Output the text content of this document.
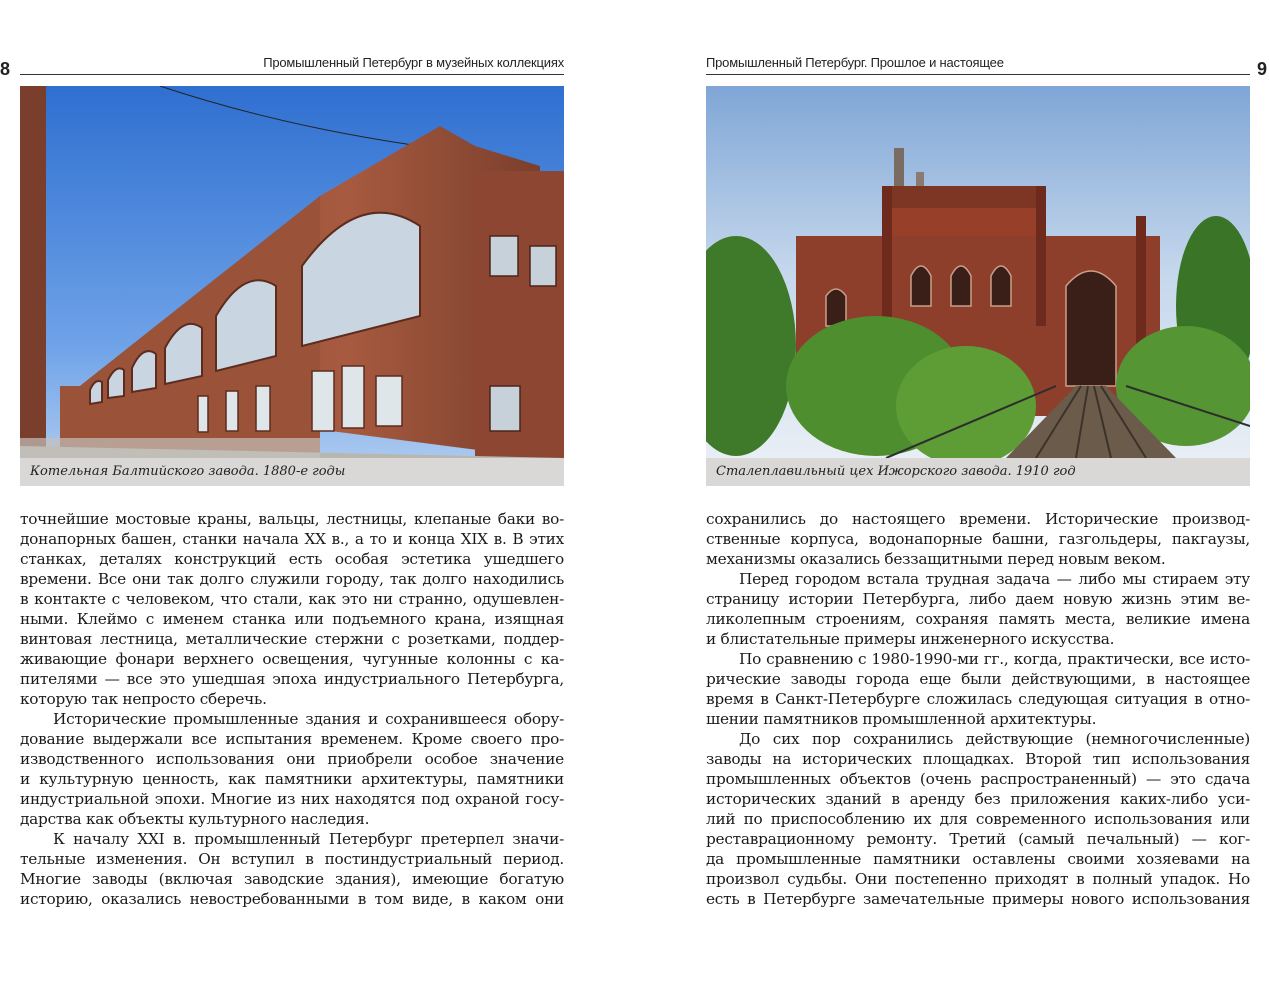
8	Промышленный Петербург в музейных коллекциях
Котельная Балтийского завода. 1880-е годы
точнейшие мостовые краны, вальцы, лестницы, клепаные баки во-
донапорных башен, станки начала XX в., а то и конца XIX в. В этих
станках, деталях конструкций есть особая эстетика ушедшего
времени. Все они так долго служили городу, так долго находились
в контакте с человеком, что стали, как это ни странно, одушевлен-
ными. Клеймо с именем станка или подъемного крана, изящная
винтовая лестница, металлические стержни с розетками, поддер-
живающие фонари верхнего освещения, чугунные колонны с ка-
пителями — все это ушедшая эпоха индустриального Петербурга,
которую так непросто сберечь.
Исторические промышленные здания и сохранившееся обору-
дование выдержали все испытания временем. Кроме своего про-
изводственного использования они приобрели особое значение
и культурную ценность, как памятники архитектуры, памятники
индустриальной эпохи. Многие из них находятся под охраной госу-
дарства как объекты культурного наследия.
К началу XXI в. промышленный Петербург претерпел значи-
тельные изменения. Он вступил в постиндустриальный период.
Многие заводы (включая заводские здания), имеющие богатую
историю, оказались невостребованными в том виде, в каком они
9
Промышленный Петербург. Прошлое и настоящее
Сталеплавильный цех Ижорского завода. 1910 год
сохранились до настоящего времени. Исторические производ-
ственные корпуса, водонапорные башни, газгольдеры, пакгаузы,
механизмы оказались беззащитными перед новым веком.
Перед городом встала трудная задача — либо мы стираем эту
страницу истории Петербурга, либо даем новую жизнь этим ве-
ликолепным строениям, сохраняя память места, великие имена
и блистательные примеры инженерного искусства.
По сравнению с 1980-1990-ми гг., когда, практически, все исто-
рические заводы города еще были действующими, в настоящее
время в Санкт-Петербурге сложилась следующая ситуация в отно-
шении памятников промышленной архитектуры.
До сих пор сохранились действующие (немногочисленные)
заводы на исторических площадках. Второй тип использования
промышленных объектов (очень распространенный) — это сдача
исторических зданий в аренду без приложения каких-либо уси-
лий по приспособлению их для современного использования или
реставрационному ремонту. Третий (самый печальный) — ког-
да промышленные памятники оставлены своими хозяевами на
произвол судьбы. Они постепенно приходят в полный упадок. Но
есть в Петербурге замечательные примеры нового использования
